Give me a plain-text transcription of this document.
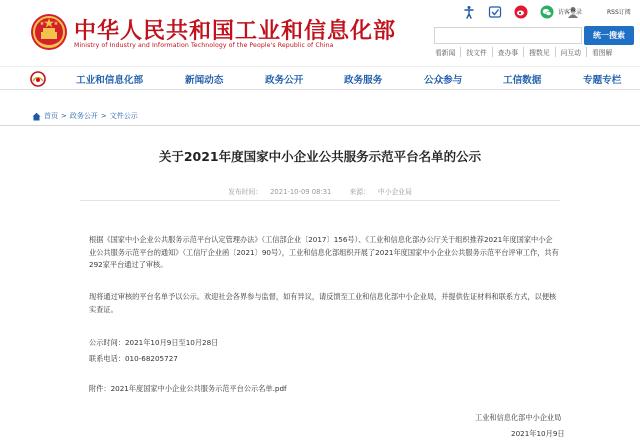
中华人民共和国工业和信息化部
Ministry of Industry and Information Technology of the People's Republic of China
访客登录	RSS订阅
统一搜索
看新闻	找文件	查办事	搜数见	问互动	看图解
工业和信息化部	新闻动态	政务公开	政务服务	公众参与	工信数据	专题专栏
首页 > 政务公开 > 文件公示
关于2021年度国家中小企业公共服务示范平台名单的公示
发布时间： 2021-10-09 08:31	来源： 中小企业局
根据《国家中小企业公共服务示范平台认定管理办法》（工信部企业〔2017〕156号）、《工业和信息化部办公厅关于组织推荐2021年度国家中小企业公共服务示范平台的通知》（工信厅企业函〔2021〕90号），工业和信息化部组织开展了2021年度国家中小企业公共服务示范平台评审工作，共有292家平台通过了审核。
现将通过审核的平台名单予以公示。欢迎社会各界参与监督，如有异议，请反馈至工业和信息化部中小企业局，并提供佐证材料和联系方式，以便核实查证。
公示时间：2021年10月9日至10月28日
联系电话：010-68205727
附件：2021年度国家中小企业公共服务示范平台公示名单.pdf
工业和信息化部中小企业局
2021年10月9日
